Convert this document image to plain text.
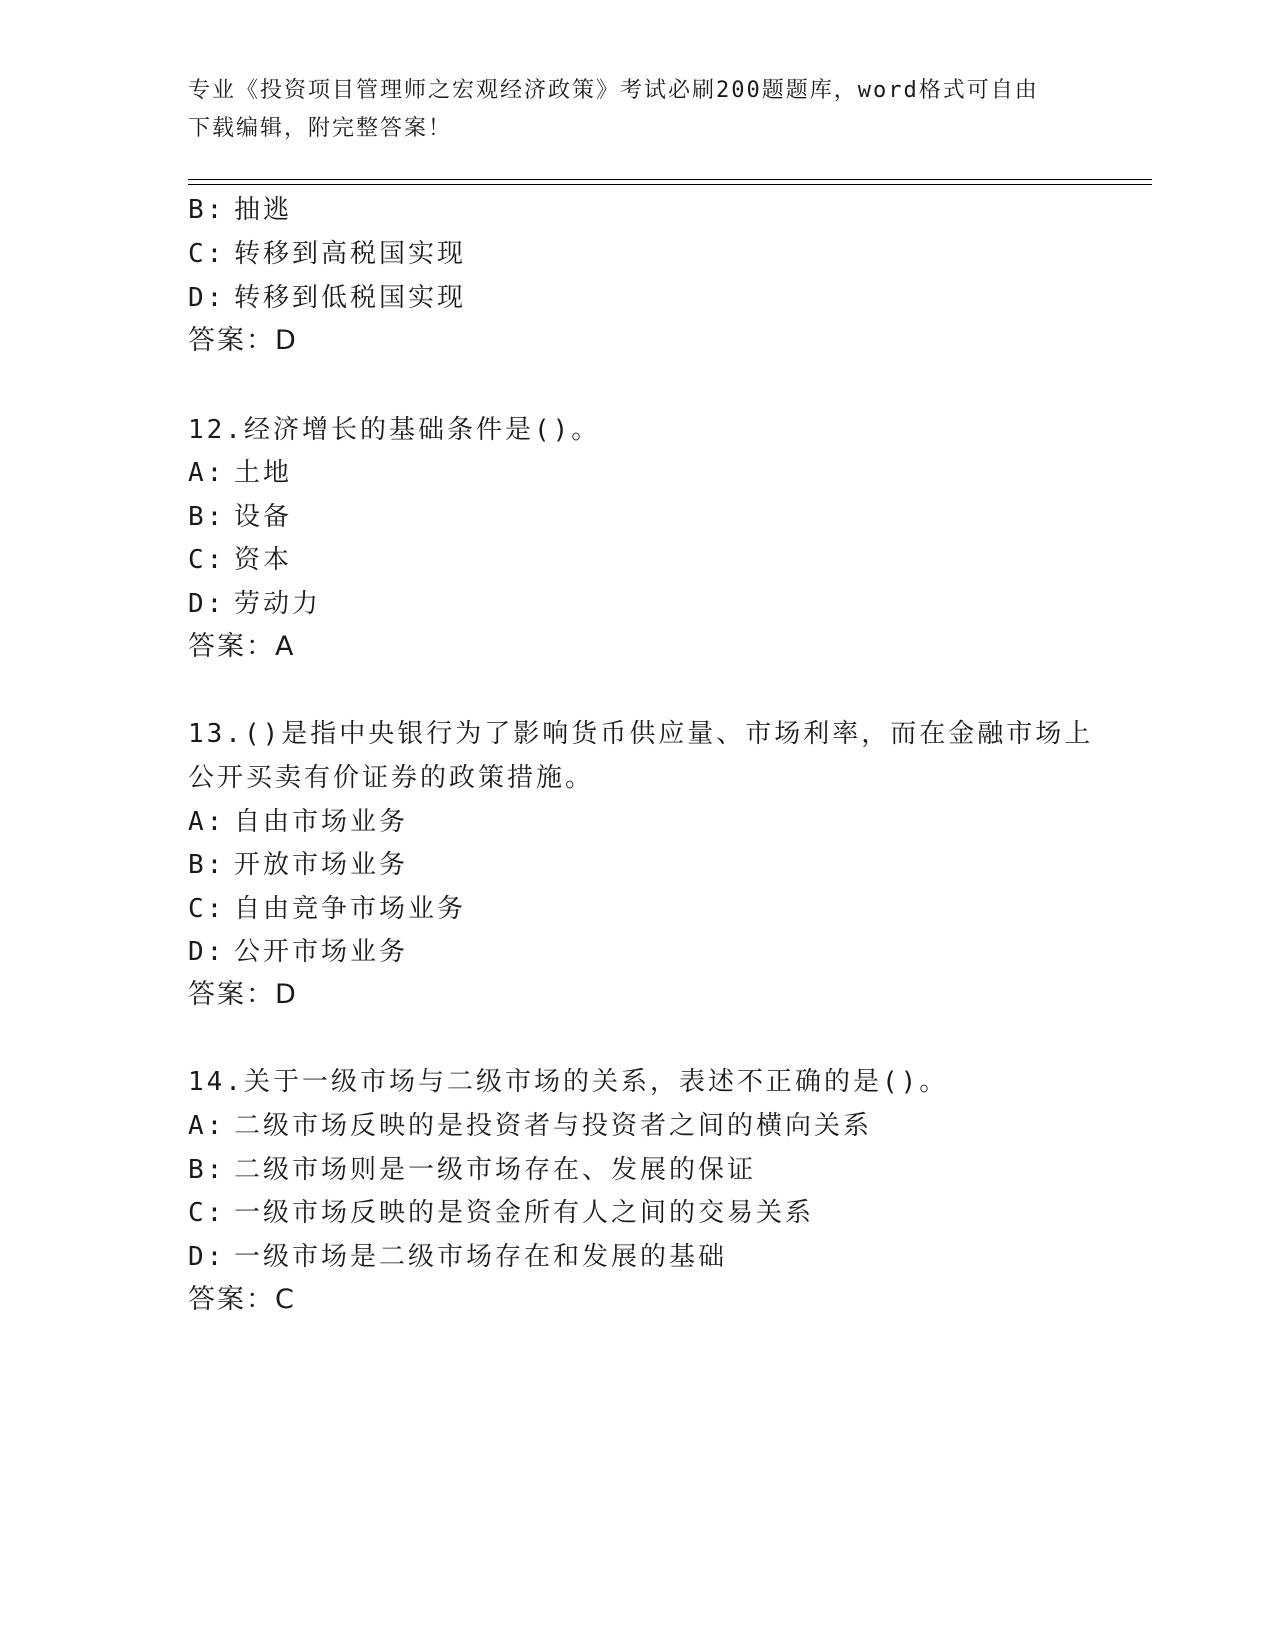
专业《投资项目管理师之宏观经济政策》考试必刷200题题库，word格式可自由
下载编辑，附完整答案！
B: 抽逃
C: 转移到高税国实现
D: 转移到低税国实现
答案：D
12.经济增长的基础条件是()。
A: 土地
B: 设备
C: 资本
D: 劳动力
答案：A
13.()是指中央银行为了影响货币供应量、市场利率，而在金融市场上
公开买卖有价证券的政策措施。
A: 自由市场业务
B: 开放市场业务
C: 自由竞争市场业务
D: 公开市场业务
答案：D
14.关于一级市场与二级市场的关系，表述不正确的是()。
A: 二级市场反映的是投资者与投资者之间的横向关系
B: 二级市场则是一级市场存在、发展的保证
C: 一级市场反映的是资金所有人之间的交易关系
D: 一级市场是二级市场存在和发展的基础
答案：C
